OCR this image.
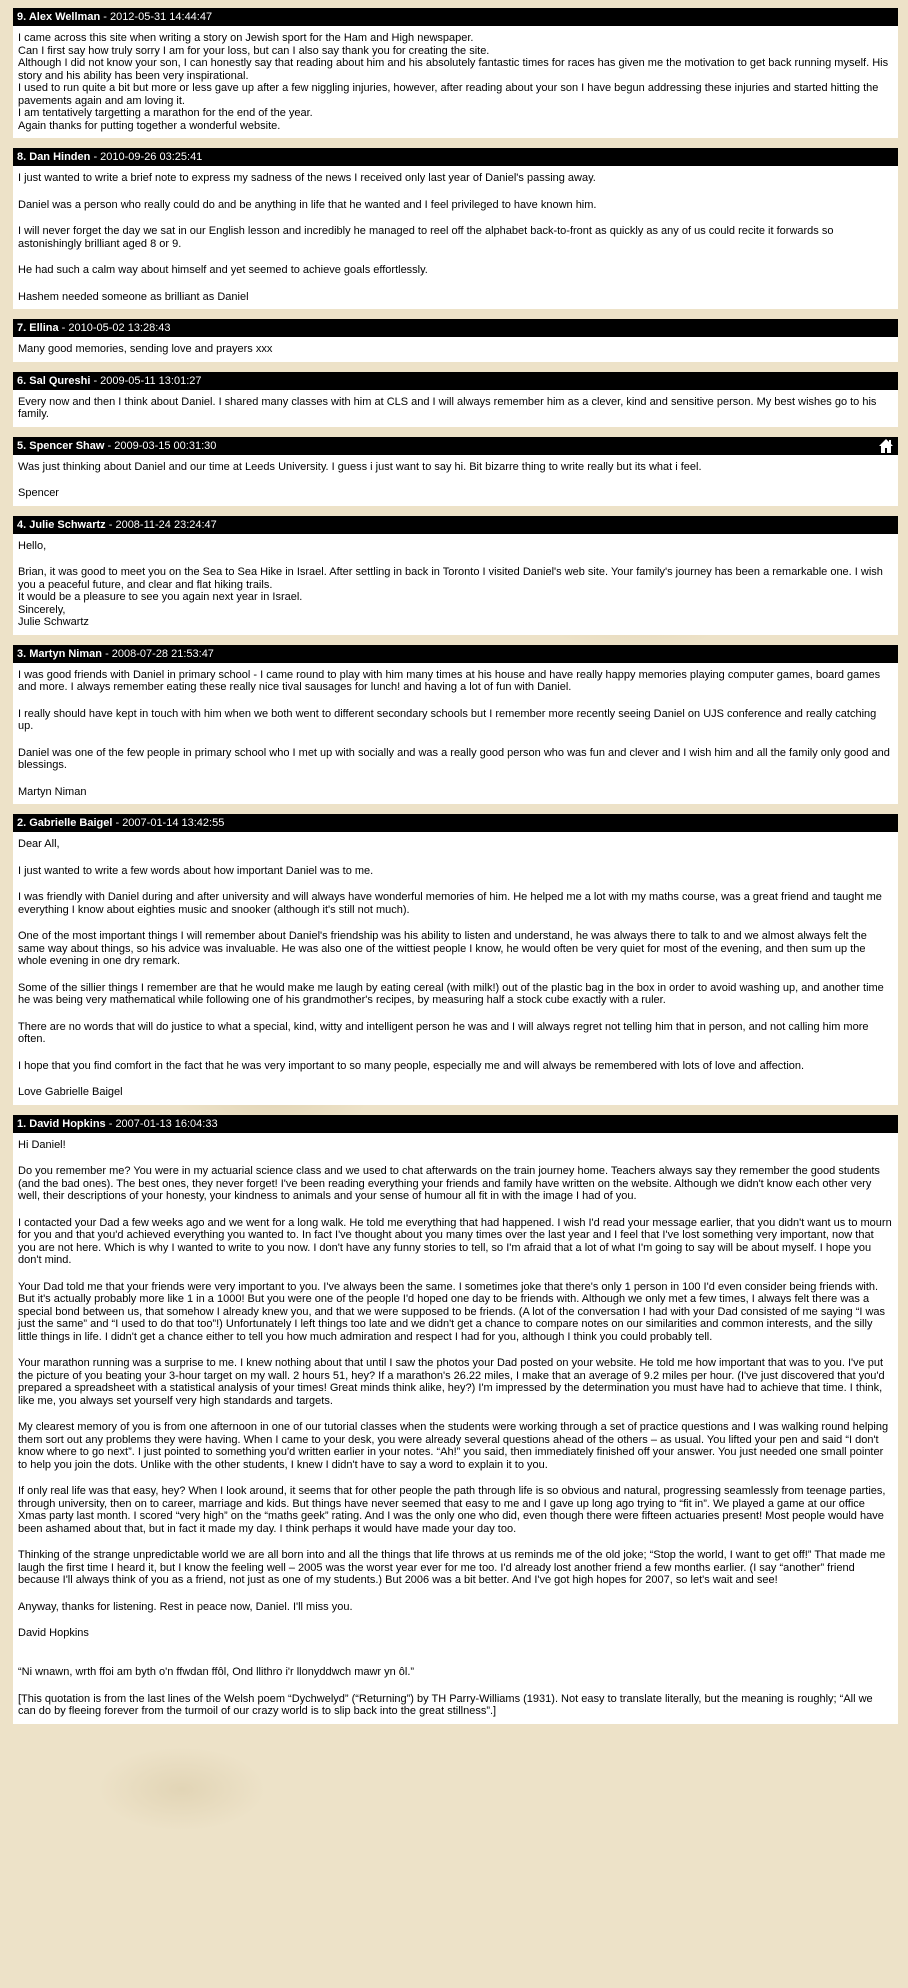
9. Alex Wellman - 2012-05-31 14:44:47

I came across this site when writing a story on Jewish sport for the Ham and High newspaper.
Can I first say how truly sorry I am for your loss, but can I also say thank you for creating the site.
Although I did not know your son, I can honestly say that reading about him and his absolutely fantastic times for races has given me the motivation to get back running myself. His story and his ability has been very inspirational.
I used to run quite a bit but more or less gave up after a few niggling injuries, however, after reading about your son I have begun addressing these injuries and started hitting the pavements again and am loving it.
I am tentatively targetting a marathon for the end of the year.
Again thanks for putting together a wonderful website.

8. Dan Hinden - 2010-09-26 03:25:41

I just wanted to write a brief note to express my sadness of the news I received only last year of Daniel's passing away.

Daniel was a person who really could do and be anything in life that he wanted and I feel privileged to have known him.

I will never forget the day we sat in our English lesson and incredibly he managed to reel off the alphabet back-to-front as quickly as any of us could recite it forwards so astonishingly brilliant aged 8 or 9.

He had such a calm way about himself and yet seemed to achieve goals effortlessly.

Hashem needed someone as brilliant as Daniel

7. Ellina - 2010-05-02 13:28:43

Many good memories, sending love and prayers xxx

6. Sal Qureshi - 2009-05-11 13:01:27

Every now and then I think about Daniel. I shared many classes with him at CLS and I will always remember him as a clever, kind and sensitive person. My best wishes go to his family.

5. Spencer Shaw - 2009-03-15 00:31:30

Was just thinking about Daniel and our time at Leeds University. I guess i just want to say hi. Bit bizarre thing to write really but its what i feel.

Spencer

4. Julie Schwartz - 2008-11-24 23:24:47

Hello,

Brian, it was good to meet you on the Sea to Sea Hike in Israel. After settling in back in Toronto I visited Daniel's web site. Your family's journey has been a remarkable one. I wish you a peaceful future, and clear and flat hiking trails.
It would be a pleasure to see you again next year in Israel.
Sincerely,
Julie Schwartz

3. Martyn Niman - 2008-07-28 21:53:47

I was good friends with Daniel in primary school - I came round to play with him many times at his house and have really happy memories playing computer games, board games and more. I always remember eating these really nice tival sausages for lunch! and having a lot of fun with Daniel.

I really should have kept in touch with him when we both went to different secondary schools but I remember more recently seeing Daniel on UJS conference and really catching up.

Daniel was one of the few people in primary school who I met up with socially and was a really good person who was fun and clever and I wish him and all the family only good and blessings.

Martyn Niman

2. Gabrielle Baigel - 2007-01-14 13:42:55

Dear All,

I just wanted to write a few words about how important Daniel was to me.

I was friendly with Daniel during and after university and will always have wonderful memories of him. He helped me a lot with my maths course, was a great friend and taught me everything I know about eighties music and snooker (although it's still not much).

One of the most important things I will remember about Daniel's friendship was his ability to listen and understand, he was always there to talk to and we almost always felt the same way about things, so his advice was invaluable. He was also one of the wittiest people I know, he would often be very quiet for most of the evening, and then sum up the whole evening in one dry remark.

Some of the sillier things I remember are that he would make me laugh by eating cereal (with milk!) out of the plastic bag in the box in order to avoid washing up, and another time he was being very mathematical while following one of his grandmother's recipes, by measuring half a stock cube exactly with a ruler.

There are no words that will do justice to what a special, kind, witty and intelligent person he was and I will always regret not telling him that in person, and not calling him more often.

I hope that you find comfort in the fact that he was very important to so many people, especially me and will always be remembered with lots of love and affection.

Love Gabrielle Baigel

1. David Hopkins - 2007-01-13 16:04:33

Hi Daniel!

Do you remember me? You were in my actuarial science class and we used to chat afterwards on the train journey home. Teachers always say they remember the good students (and the bad ones). The best ones, they never forget! I've been reading everything your friends and family have written on the website. Although we didn't know each other very well, their descriptions of your honesty, your kindness to animals and your sense of humour all fit in with the image I had of you.

I contacted your Dad a few weeks ago and we went for a long walk. He told me everything that had happened. I wish I'd read your message earlier, that you didn't want us to mourn for you and that you'd achieved everything you wanted to. In fact I've thought about you many times over the last year and I feel that I've lost something very important, now that you are not here. Which is why I wanted to write to you now. I don't have any funny stories to tell, so I'm afraid that a lot of what I'm going to say will be about myself. I hope you don't mind.

Your Dad told me that your friends were very important to you. I've always been the same. I sometimes joke that there's only 1 person in 100 I'd even consider being friends with. But it's actually probably more like 1 in a 1000! But you were one of the people I'd hoped one day to be friends with. Although we only met a few times, I always felt there was a special bond between us, that somehow I already knew you, and that we were supposed to be friends. (A lot of the conversation I had with your Dad consisted of me saying “I was just the same” and “I used to do that too”!) Unfortunately I left things too late and we didn't get a chance to compare notes on our similarities and common interests, and the silly little things in life. I didn't get a chance either to tell you how much admiration and respect I had for you, although I think you could probably tell.

Your marathon running was a surprise to me. I knew nothing about that until I saw the photos your Dad posted on your website. He told me how important that was to you. I've put the picture of you beating your 3-hour target on my wall. 2 hours 51, hey? If a marathon's 26.22 miles, I make that an average of 9.2 miles per hour. (I've just discovered that you'd prepared a spreadsheet with a statistical analysis of your times! Great minds think alike, hey?) I'm impressed by the determination you must have had to achieve that time. I think, like me, you always set yourself very high standards and targets.

My clearest memory of you is from one afternoon in one of our tutorial classes when the students were working through a set of practice questions and I was walking round helping them sort out any problems they were having. When I came to your desk, you were already several questions ahead of the others – as usual. You lifted your pen and said “I don't know where to go next”. I just pointed to something you'd written earlier in your notes. “Ah!” you said, then immediately finished off your answer. You just needed one small pointer to help you join the dots. Unlike with the other students, I knew I didn't have to say a word to explain it to you.

If only real life was that easy, hey? When I look around, it seems that for other people the path through life is so obvious and natural, progressing seamlessly from teenage parties, through university, then on to career, marriage and kids. But things have never seemed that easy to me and I gave up long ago trying to “fit in”. We played a game at our office Xmas party last month. I scored “very high” on the “maths geek” rating. And I was the only one who did, even though there were fifteen actuaries present! Most people would have been ashamed about that, but in fact it made my day. I think perhaps it would have made your day too.

Thinking of the strange unpredictable world we are all born into and all the things that life throws at us reminds me of the old joke; “Stop the world, I want to get off!” That made me laugh the first time I heard it, but I know the feeling well – 2005 was the worst year ever for me too. I'd already lost another friend a few months earlier. (I say “another” friend because I'll always think of you as a friend, not just as one of my students.) But 2006 was a bit better. And I've got high hopes for 2007, so let's wait and see!

Anyway, thanks for listening. Rest in peace now, Daniel. I'll miss you.

David Hopkins

“Ni wnawn, wrth ffoi am byth o'n ffwdan ffôl, Ond llithro i'r llonyddwch mawr yn ôl.”

[This quotation is from the last lines of the Welsh poem “Dychwelyd” (“Returning”) by TH Parry-Williams (1931). Not easy to translate literally, but the meaning is roughly; “All we can do by fleeing forever from the turmoil of our crazy world is to slip back into the great stillness”.]
